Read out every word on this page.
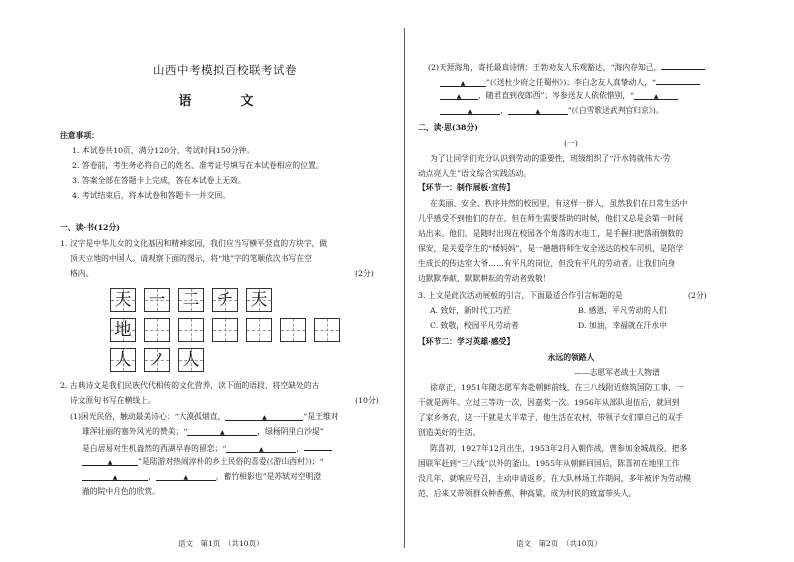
山西中考模拟百校联考试卷
语　文
注意事项：
1. 本试卷共10页，满分120分，考试时间150分钟。
2. 答卷前，考生务必将自己的姓名、准考证号填写在本试卷相应的位置。
3. 答案全部在答题卡上完成，答在本试卷上无效。
4. 考试结束后，将本试卷和答题卡一并交回。
一、读·书(12分)
1. 汉字是中华儿女的文化基因和精神家园，我们应当写横平竖直的方块字，做
顶天立地的中国人。请观察下面的图示，将“地”字的笔顺依次书写在空
格内。	(2分)
天 一 二 チ 天
地
人 ノ 人
2. 古典诗文是我们民族代代相传的文化营养，读下面的语段，将空缺处的古
诗文原句书写在横线上。	(10分)
(1)闲光民俗，触动最美诗心：“大漠孤烟直，	▲	”是王维对
雄浑壮丽的塞外风光的赞美；“	▲	，绿杨阴里白沙堤”
是白居易对生机盎然的西湖早春的留恋；“	▲	，
▲	”是陆游对热闹淳朴的乡土民俗的喜爱(《游山西村》)；“
▲	，	▲	，蓄竹相影也”是苏轼对空明澄
澈的院中月色的欣赏。
语文　第1页　（共10页）
(2)天涯海角，寄托最真诗情：王勃劝友人乐观豁达，“海内存知己，
▲	”(《送杜少府之任蜀州》)；李白念友人真挚动人，“
▲ ，随君直到夜郎西”；岑参送友人依依惜别，“	▲
▲	，	▲	”(《白雪歌送武判官归京》)。
二、读·思(38分)
(一)
为了让同学们充分认识到劳动的重要性，班级组织了“汗水铸就伟大·劳
动点亮人生”语文综合实践活动。
【环节一：制作展板·宣传】
在美丽、安全、秩序井然的校园里，有这样一群人，虽然我们在日常生活中
几乎感受不到他们的存在，但在师生需要帮助的时候，他们又总是会第一时间
站出来。他们，是随时出现在校园各个角落的水电工，是手握扫把落雨倒数的
保安，是关爱学生的“楼妈妈”，是一趟趟将师生安全送达的校车司机，是陪学
生成长的传达室大爷……有平凡的岗位，但没有平凡的劳动者。让我们向身
边默默奉献、默默耕耘的劳动者致敬！
3. 上文是此次活动展板的引言，下面最适合作引言标题的是	(2分)
A. 致好，新时代工巧匠	B. 感恩，平凡劳动的人们
C. 致敬，校园平凡劳动者	D. 加油，幸福就在汗水中
【环节二：学习英雄·感受】
永远的领路人
——志愿军老战士人物谱
徐章正，1951年随志愿军奔赴朝鲜前线，在三八线附近修筑国防工事，一
干就是两年。立过三等功一次，因嘉奖一次。1956年从部队退伍后，就回到
了家乡务农，这一干就是大半辈子，他生活在农村，带领子女们靠自己的双手
创造美好的生活。
陈喜初，1927年12月出生，1953年2月入朝作战，曾参加金城战役，把多
国联军赶到“三八线”以外的釜山。1955年从朝鲜回国后，陈喜初在地里工作
没几年，就响应号召，主动申请返乡，在大队林场工作期间，多年被评为劳动模
范，后来又带领群众种香蕉、种高粱，成为村民的致富带头人。
语文　第2页　（共10页）
